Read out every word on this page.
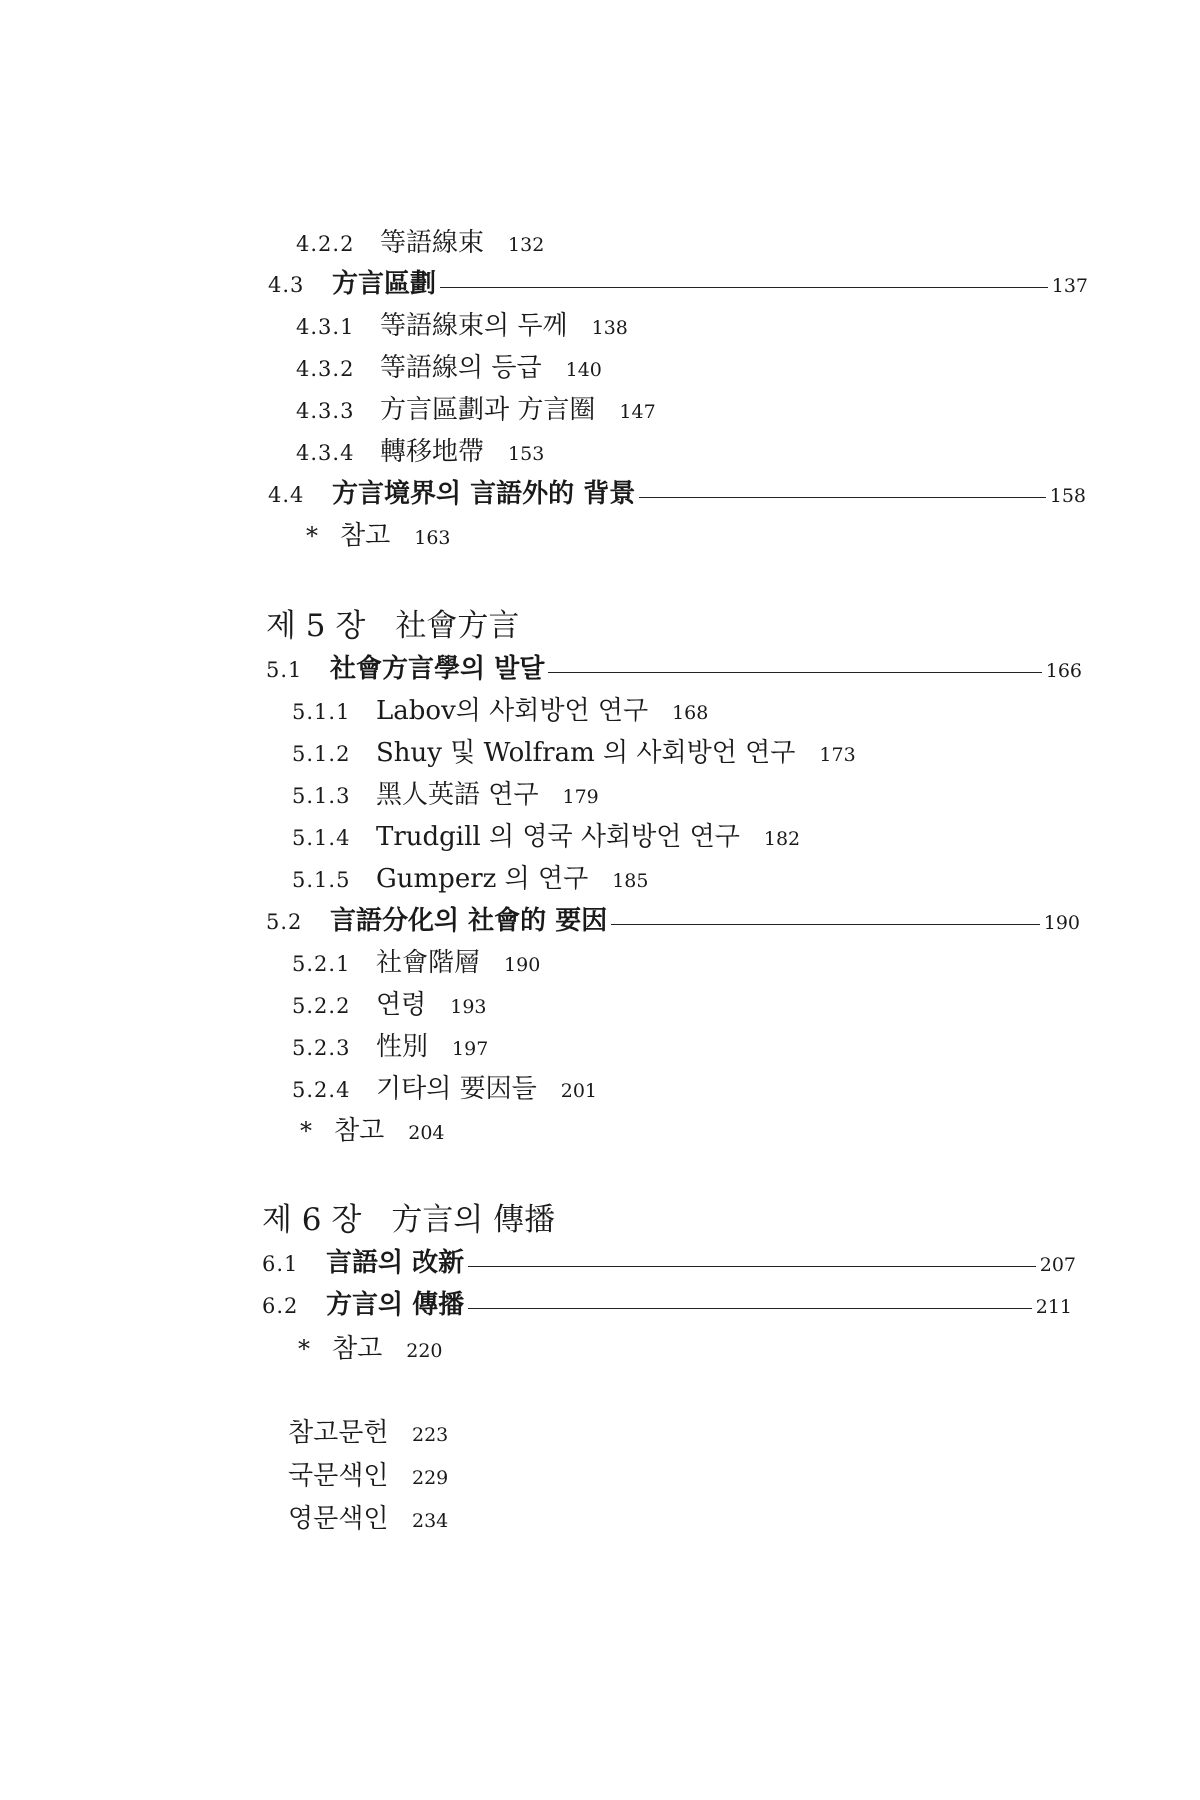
4.2.2 等語線束 132
4.3	方言區劃	137
4.3.1 等語線束의 두께 138
4.3.2 等語線의 등급 140
4.3.3 方言區劃과 方言圈 147
4.3.4 轉移地帶 153
4.4	方言境界의 言語外的 背景	158
* 참고 163
제 5 장 社會方言
5.1	社會方言學의 발달	166
5.1.1 Labov의 사회방언 연구 168
5.1.2 Shuy 및 Wolfram 의 사회방언 연구 173
5.1.3 黑人英語 연구 179
5.1.4 Trudgill 의 영국 사회방언 연구 182
5.1.5 Gumperz 의 연구 185
5.2	言語分化의 社會的 要因	190
5.2.1 社會階層 190
5.2.2 연령 193
5.2.3 性別 197
5.2.4 기타의 要因들 201
* 참고 204
제 6 장 方言의 傳播
6.1	言語의 改新	207
6.2	方言의 傳播	211
* 참고 220
참고문헌	223
국문색인	229
영문색인	234
